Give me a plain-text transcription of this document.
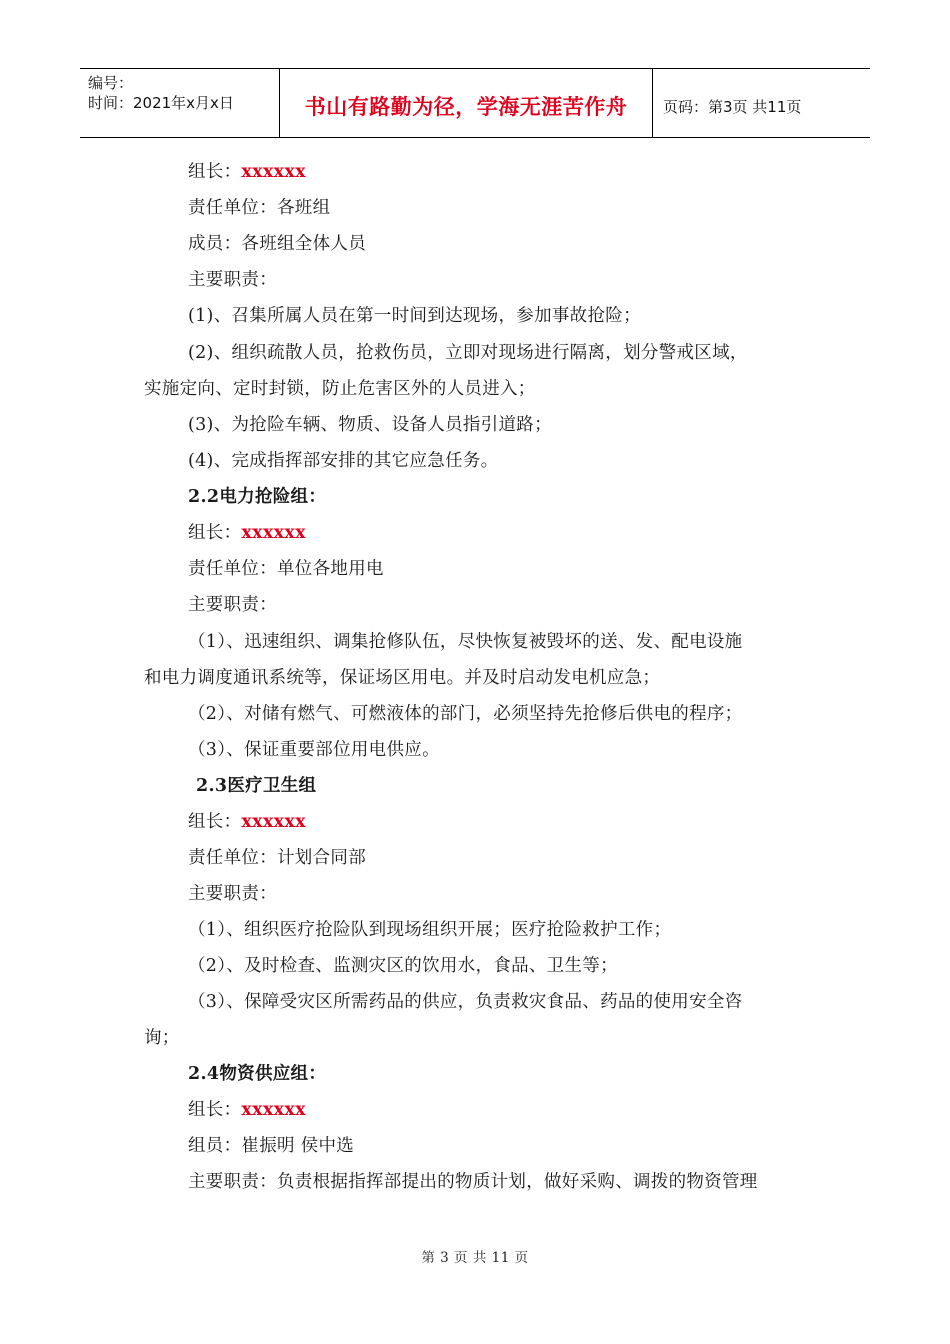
编号：
时间：2021年x月x日	书山有路勤为径，学海无涯苦作舟	页码：第3页 共11页
组长：xxxxxx
责任单位：各班组
成员：各班组全体人员
主要职责：
(1)、召集所属人员在第一时间到达现场，参加事故抢险；
(2)、组织疏散人员，抢救伤员，立即对现场进行隔离，划分警戒区域，
实施定向、定时封锁，防止危害区外的人员进入；
(3)、为抢险车辆、物质、设备人员指引道路；
(4)、完成指挥部安排的其它应急任务。
2.2电力抢险组：
组长：xxxxxx
责任单位：单位各地用电
主要职责：
（1）、迅速组织、调集抢修队伍，尽快恢复被毁坏的送、发、配电设施
和电力调度通讯系统等，保证场区用电。并及时启动发电机应急；
（2）、对储有燃气、可燃液体的部门，必须坚持先抢修后供电的程序；
（3）、保证重要部位用电供应。
2.3医疗卫生组
组长：xxxxxx
责任单位：计划合同部
主要职责：
（1）、组织医疗抢险队到现场组织开展；医疗抢险救护工作；
（2）、及时检查、监测灾区的饮用水，食品、卫生等；
（3）、保障受灾区所需药品的供应，负责救灾食品、药品的使用安全咨
询；
2.4物资供应组：
组长：xxxxxx
组员：崔振明 侯中选
主要职责：负责根据指挥部提出的物质计划，做好采购、调拨的物资管理
第 3 页 共 11 页
